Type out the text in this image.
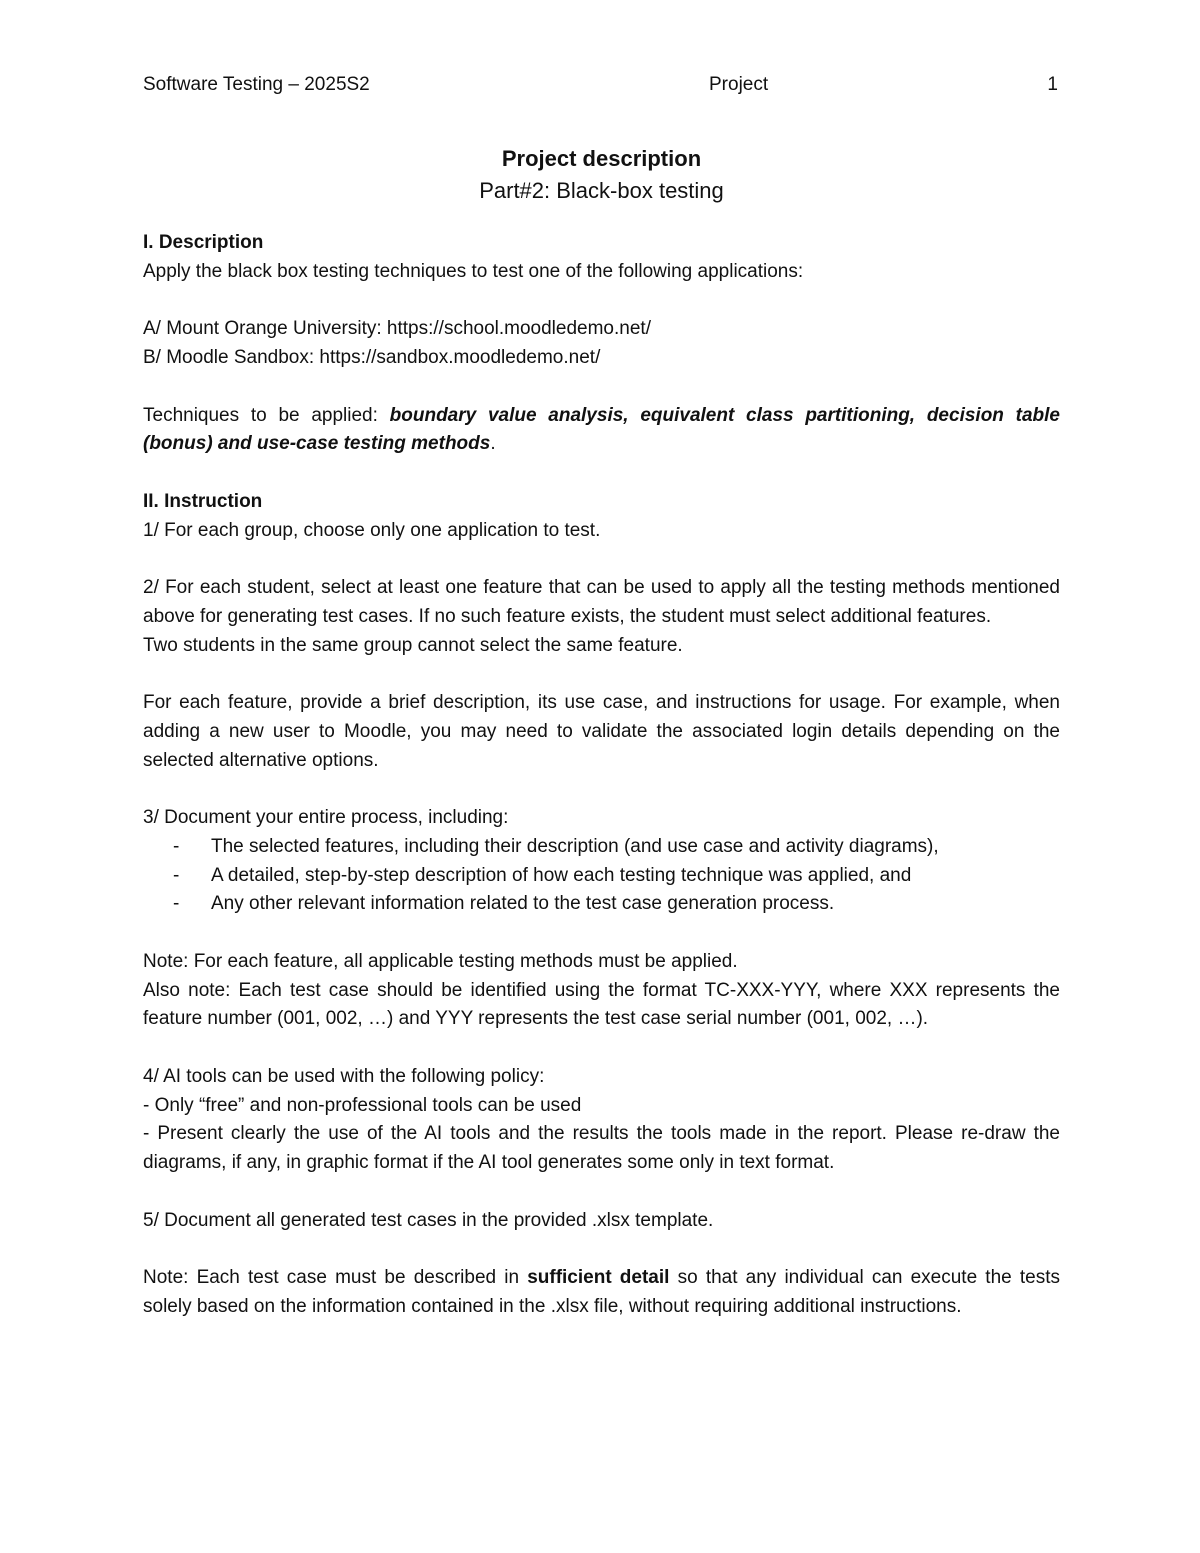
Software Testing – 2025S2	Project	1
Project description
Part#2: Black-box testing

I. Description

Apply the black box testing techniques to test one of the following applications:

A/ Mount Orange University: https://school.moodledemo.net/

B/ Moodle Sandbox: https://sandbox.moodledemo.net/

Techniques to be applied: boundary value analysis, equivalent class partitioning, decision table (bonus) and use-case testing methods.

II. Instruction

1/ For each group, choose only one application to test.

2/ For each student, select at least one feature that can be used to apply all the testing methods mentioned above for generating test cases. If no such feature exists, the student must select additional features.

Two students in the same group cannot select the same feature.

For each feature, provide a brief description, its use case, and instructions for usage. For example, when adding a new user to Moodle, you may need to validate the associated login details depending on the selected alternative options.

3/ Document your entire process, including:

- The selected features, including their description (and use case and activity diagrams),
- A detailed, step-by-step description of how each testing technique was applied, and
- Any other relevant information related to the test case generation process.

Note: For each feature, all applicable testing methods must be applied.

Also note: Each test case should be identified using the format TC-XXX-YYY, where XXX represents the feature number (001, 002, …) and YYY represents the test case serial number (001, 002, …).

4/ AI tools can be used with the following policy:

- Only “free” and non-professional tools can be used

- Present clearly the use of the AI tools and the results the tools made in the report. Please re-draw the diagrams, if any, in graphic format if the AI tool generates some only in text format.

5/ Document all generated test cases in the provided .xlsx template.

Note: Each test case must be described in sufficient detail so that any individual can execute the tests solely based on the information contained in the .xlsx file, without requiring additional instructions.
